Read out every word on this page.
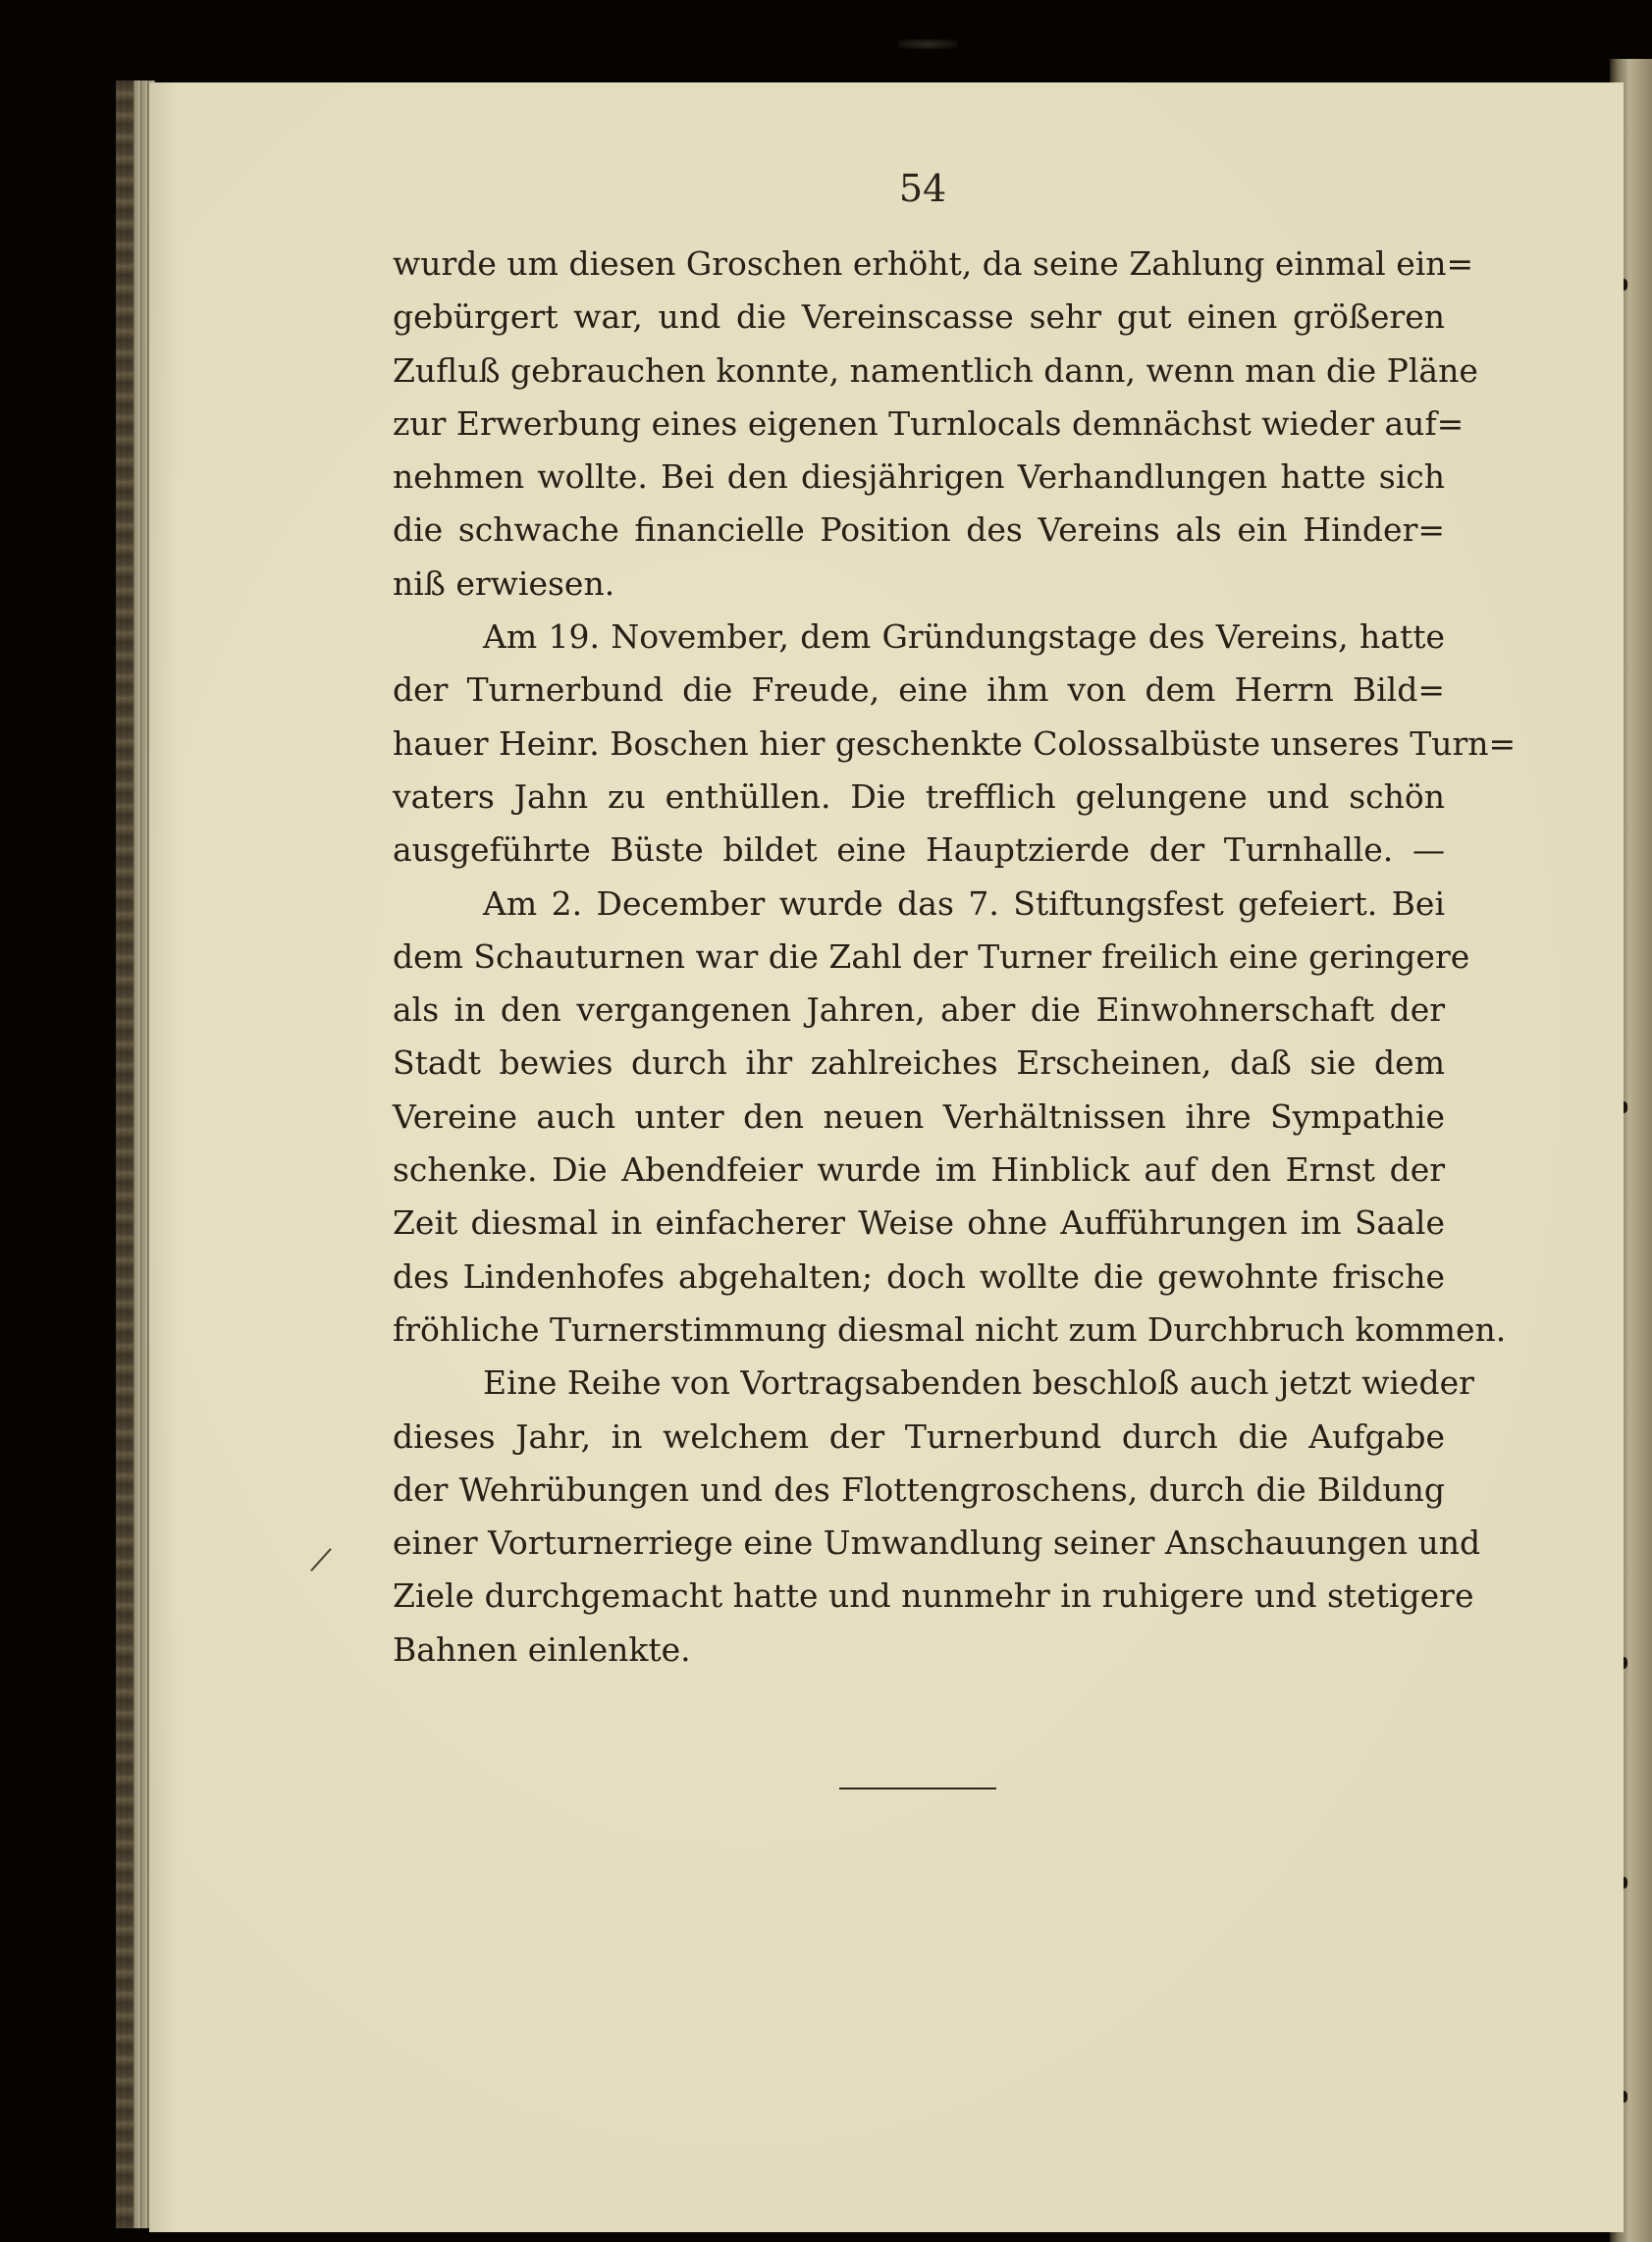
54
wurde um diesen Groschen erhöht, da seine Zahlung einmal ein=
gebürgert war, und die Vereinscasse sehr gut einen größeren
Zufluß gebrauchen konnte, namentlich dann, wenn man die Pläne
zur Erwerbung eines eigenen Turnlocals demnächst wieder auf=
nehmen wollte. Bei den diesjährigen Verhandlungen hatte sich
die schwache financielle Position des Vereins als ein Hinder=
niß erwiesen.
Am 19. November, dem Gründungstage des Vereins, hatte
der Turnerbund die Freude, eine ihm von dem Herrn Bild=
hauer Heinr. Boschen hier geschenkte Colossalbüste unseres Turn=
vaters Jahn zu enthüllen. Die trefflich gelungene und schön
ausgeführte Büste bildet eine Hauptzierde der Turnhalle. —
Am 2. December wurde das 7. Stiftungsfest gefeiert. Bei
dem Schauturnen war die Zahl der Turner freilich eine geringere
als in den vergangenen Jahren, aber die Einwohnerschaft der
Stadt bewies durch ihr zahlreiches Erscheinen, daß sie dem
Vereine auch unter den neuen Verhältnissen ihre Sympathie
schenke. Die Abendfeier wurde im Hinblick auf den Ernst der
Zeit diesmal in einfacherer Weise ohne Aufführungen im Saale
des Lindenhofes abgehalten; doch wollte die gewohnte frische
fröhliche Turnerstimmung diesmal nicht zum Durchbruch kommen.
Eine Reihe von Vortragsabenden beschloß auch jetzt wieder
dieses Jahr, in welchem der Turnerbund durch die Aufgabe
der Wehrübungen und des Flottengroschens, durch die Bildung
einer Vorturnerriege eine Umwandlung seiner Anschauungen und
Ziele durchgemacht hatte und nunmehr in ruhigere und stetigere
Bahnen einlenkte.
